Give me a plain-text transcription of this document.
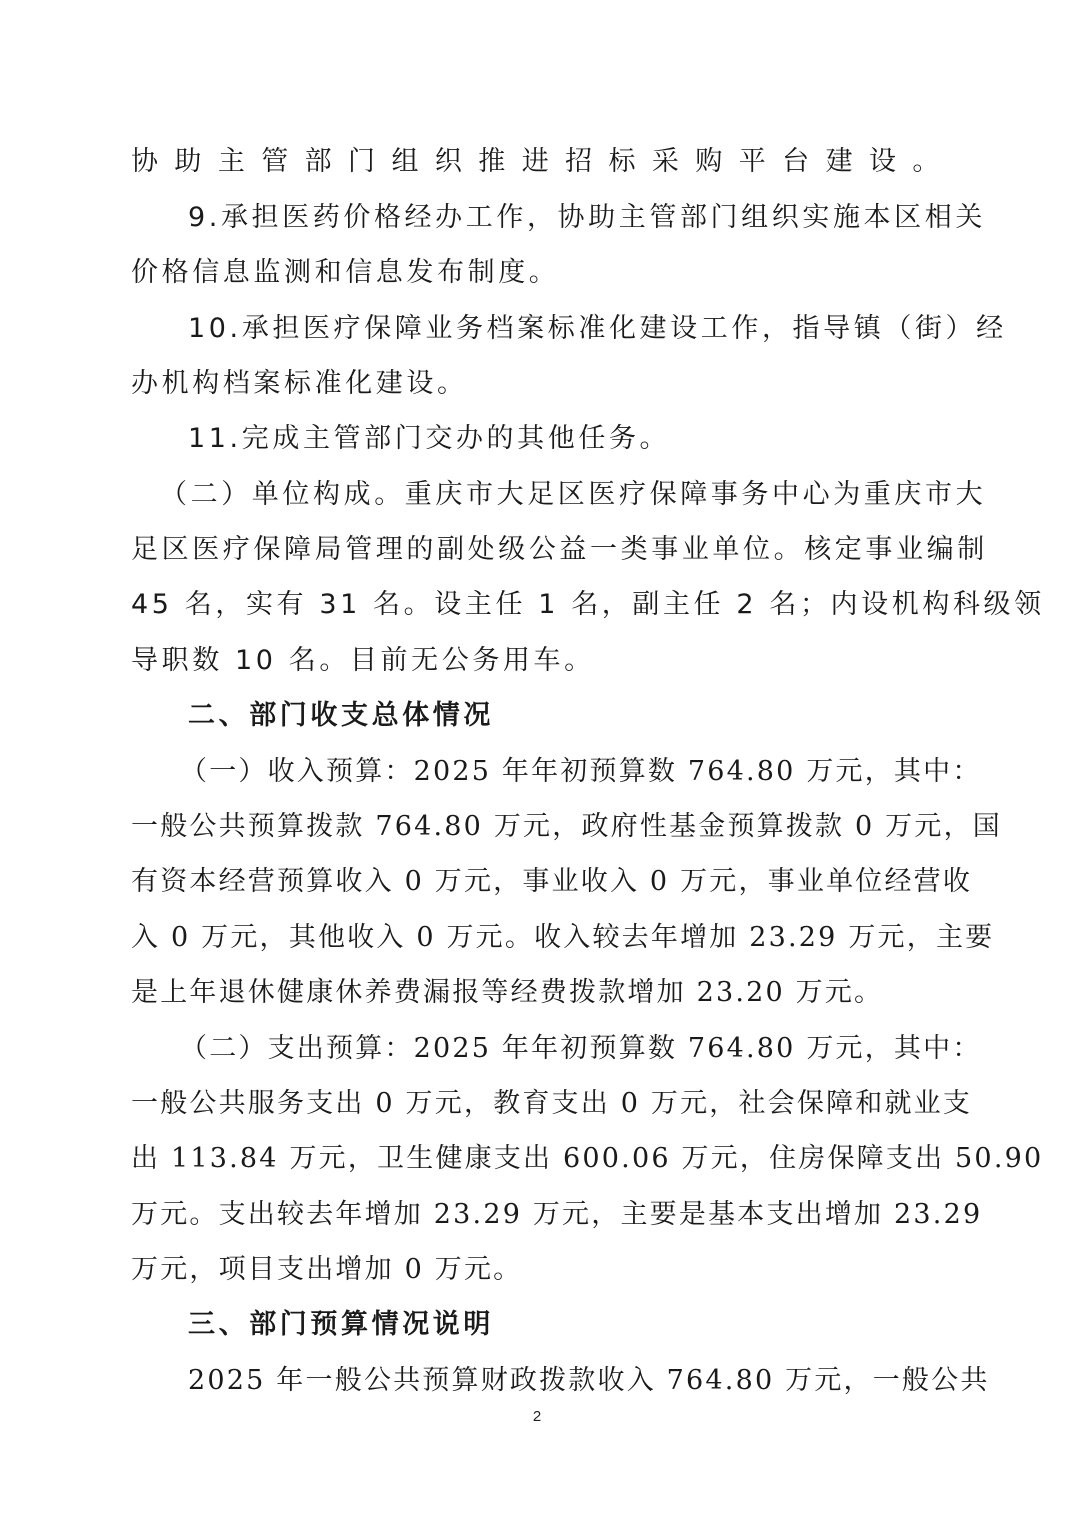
协助主管部门组织推进招标采购平台建设。
9.承担医药价格经办工作，协助主管部门组织实施本区相关
价格信息监测和信息发布制度。
10.承担医疗保障业务档案标准化建设工作，指导镇（街）经
办机构档案标准化建设。
11.完成主管部门交办的其他任务。
（二）单位构成。重庆市大足区医疗保障事务中心为重庆市大
足区医疗保障局管理的副处级公益一类事业单位。核定事业编制
45 名，实有 31 名。设主任 1 名，副主任 2 名；内设机构科级领
导职数 10 名。目前无公务用车。
二、部门收支总体情况
（一）收入预算：2025 年年初预算数 764.80 万元，其中：
一般公共预算拨款 764.80 万元，政府性基金预算拨款 0 万元，国
有资本经营预算收入 0 万元，事业收入 0 万元，事业单位经营收
入 0 万元，其他收入 0 万元。收入较去年增加 23.29 万元，主要
是上年退休健康休养费漏报等经费拨款增加 23.20 万元。
（二）支出预算：2025 年年初预算数 764.80 万元，其中：
一般公共服务支出 0 万元，教育支出 0 万元，社会保障和就业支
出 113.84 万元，卫生健康支出 600.06 万元，住房保障支出 50.90
万元。支出较去年增加 23.29 万元，主要是基本支出增加 23.29
万元，项目支出增加 0 万元。
三、部门预算情况说明
2025 年一般公共预算财政拨款收入 764.80 万元，一般公共
2
